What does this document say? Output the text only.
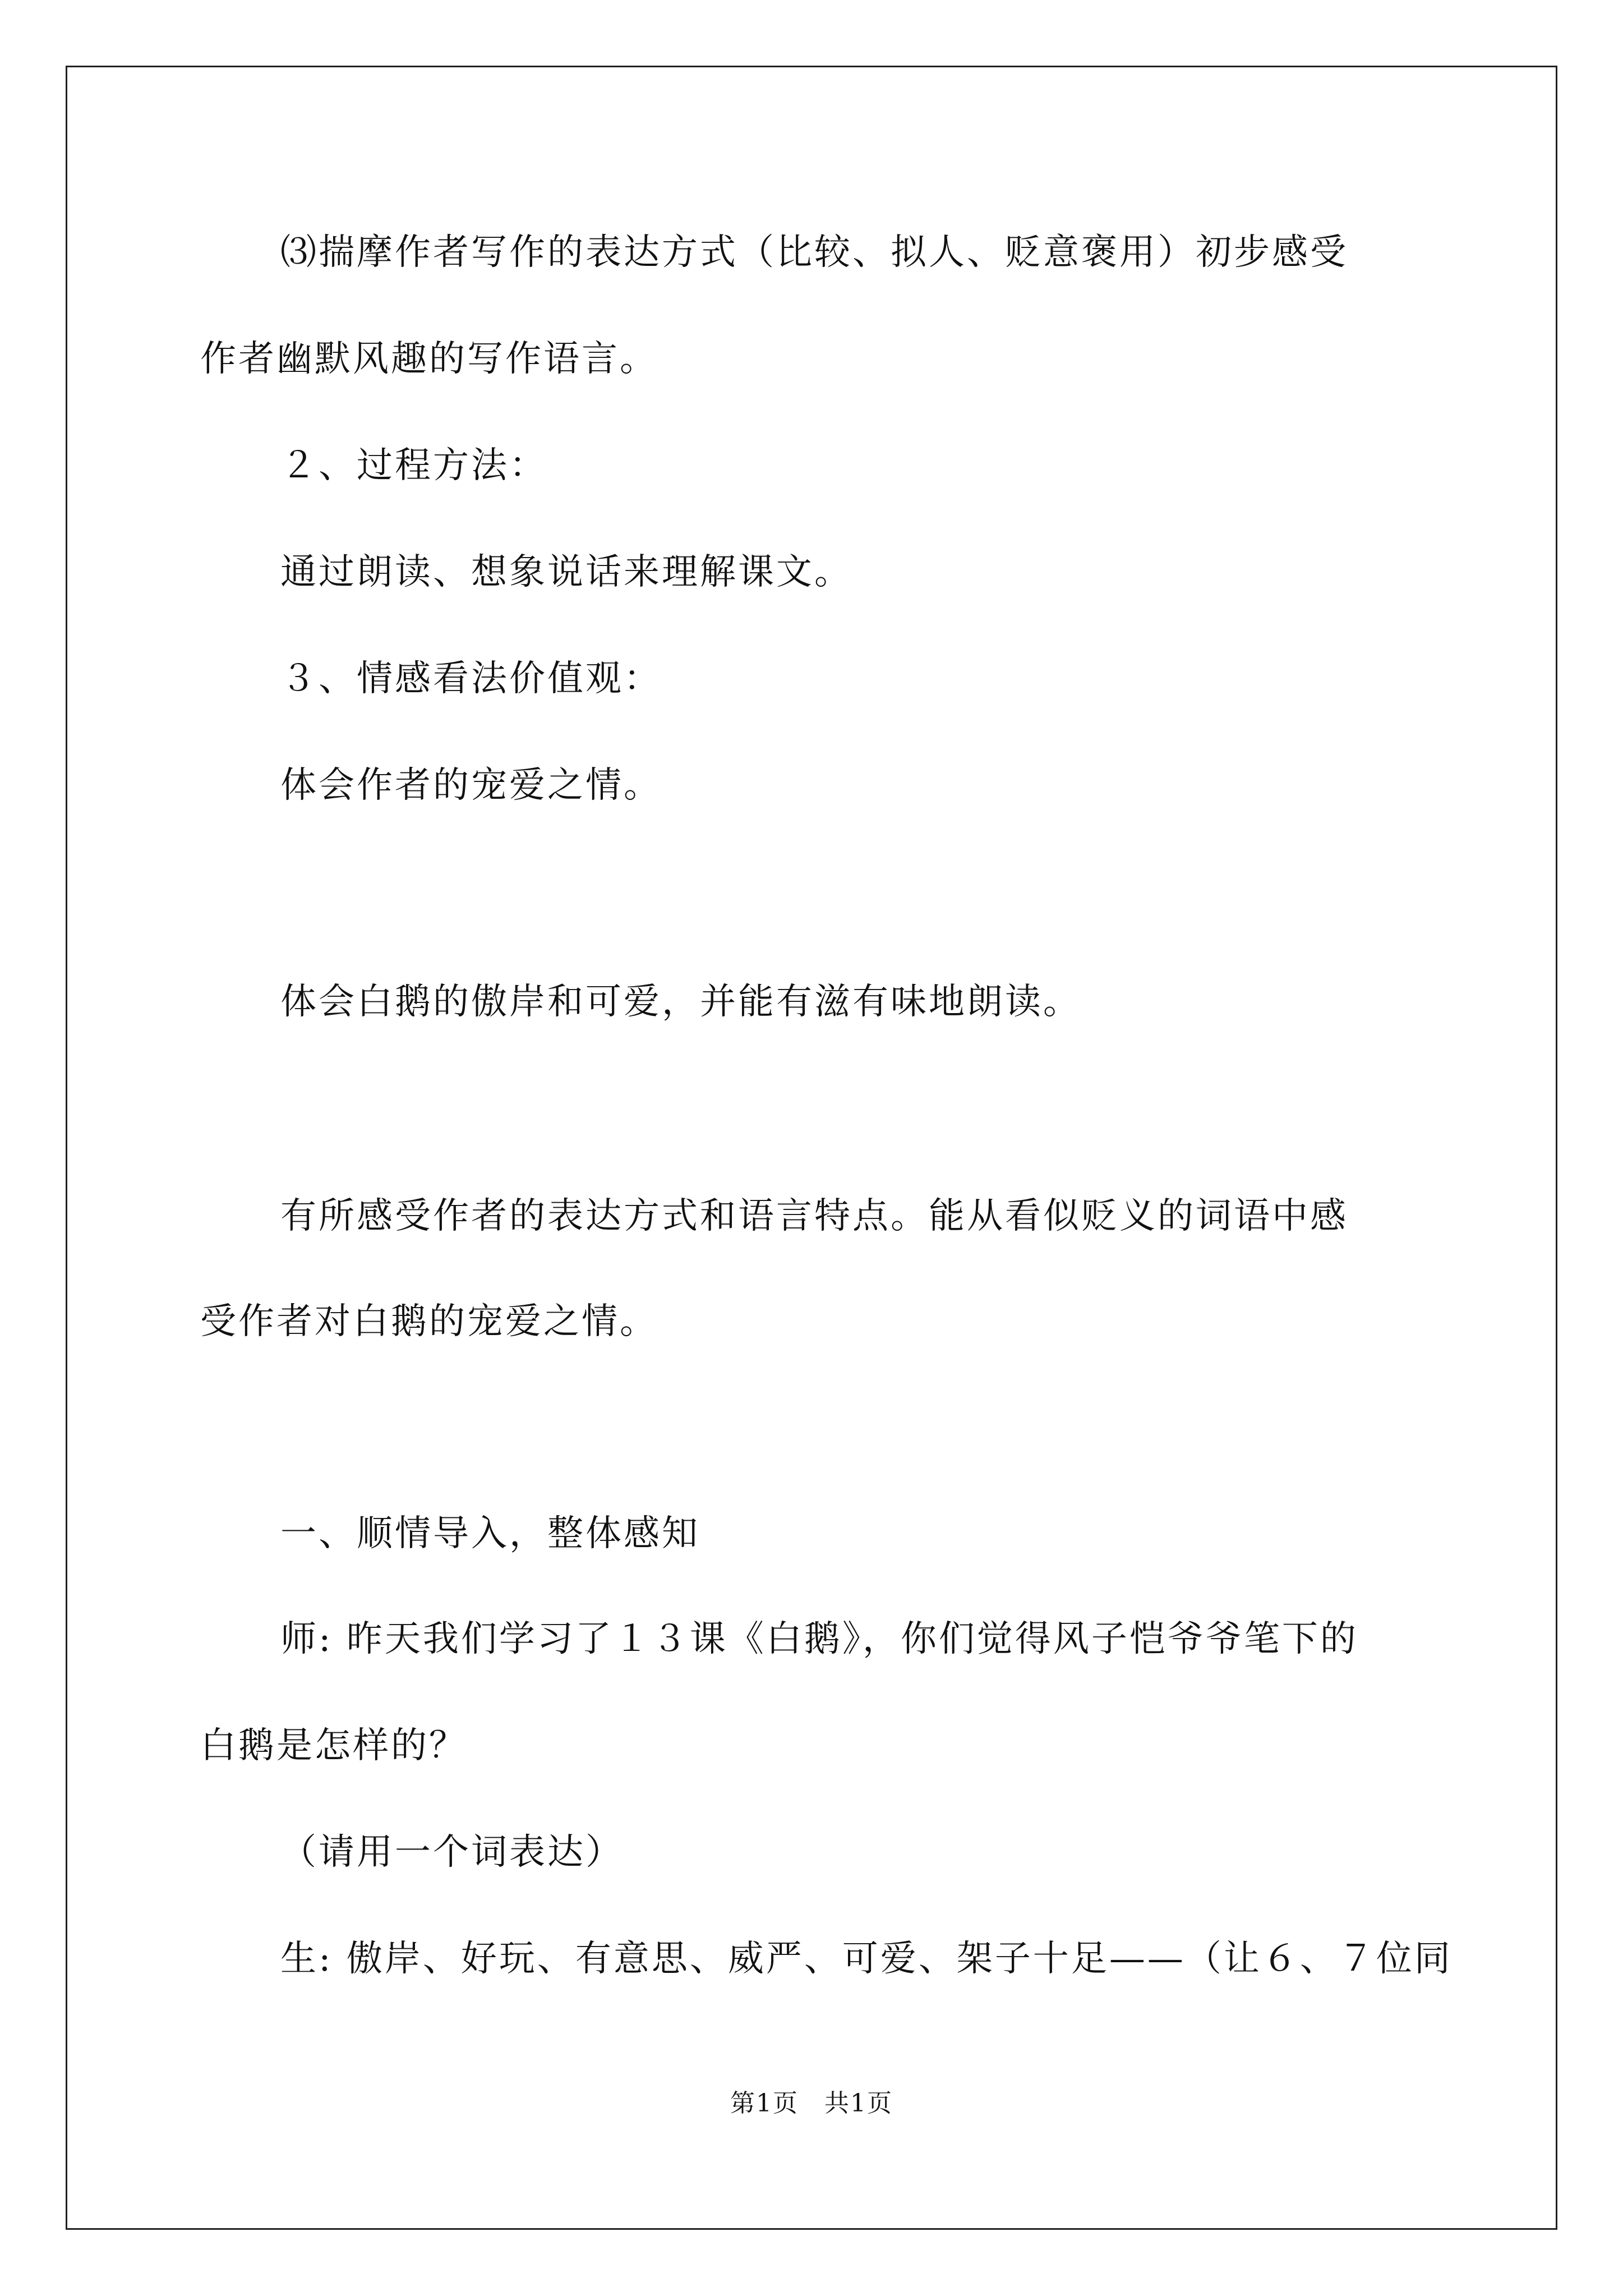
⑶揣摩作者写作的表达方式（比较、拟人、贬意褒用）初步感受
作者幽默风趣的写作语言。
２、过程方法：
通过朗读、想象说话来理解课文。
３、情感看法价值观：
体会作者的宠爱之情。
体会白鹅的傲岸和可爱，并能有滋有味地朗读。
有所感受作者的表达方式和语言特点。能从看似贬义的词语中感
受作者对白鹅的宠爱之情。
一、顺情导入，整体感知
师: 昨天我们学习了１３课《白鹅》，你们觉得风子恺爷爷笔下的
白鹅是怎样的？
（请用一个词表达）
生: 傲岸、好玩、有意思、威严、可爱、架子十足——（让６、７位同
第1页　共1页
